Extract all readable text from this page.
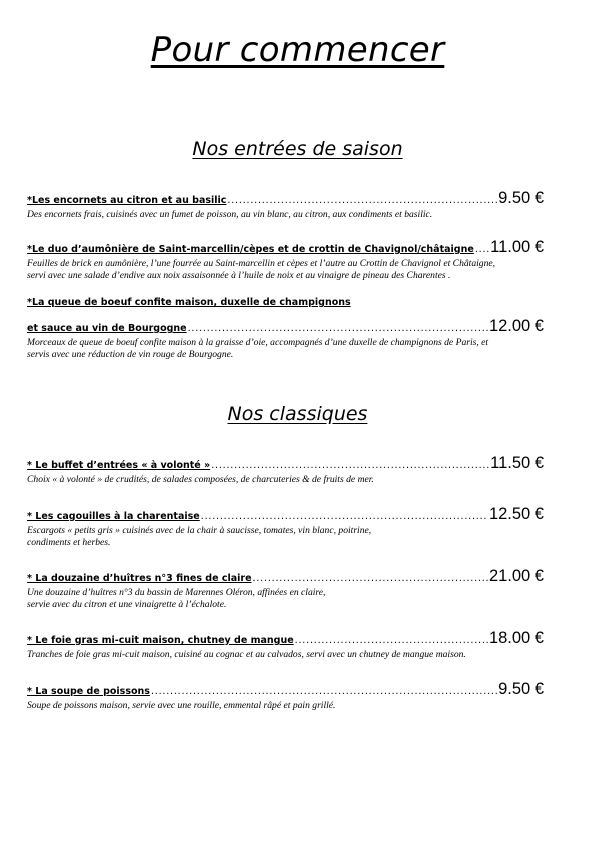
Pour commencer
Nos entrées de saison
*Les encornets au citron et au basilic .....	9.50 €
Des encornets frais, cuisinés avec un fumet de poisson, au vin blanc, au citron, aux condiments et basilic.
*Le duo d’aumônière de Saint-marcellin/cèpes et de crottin de Chavignol/châtaigne ..... 11.00 €
Feuilles de brick en aumônière, l’une fourrée au Saint-marcellin et cèpes et l’autre au Crottin de Chavignol et Châtaigne,
servi avec une salade d’endive aux noix assaisonnée à l’huile de noix et au vinaigre de pineau des Charentes .
*La queue de boeuf confite maison, duxelle de champignons
et sauce au vin de Bourgogne .....	12.00 €
Morceaux de queue de boeuf confite maison à la graisse d’oie, accompagnés d’une duxelle de champignons de Paris, et
servis avec une réduction de vin rouge de Bourgogne.
Nos classiques
* Le buffet d’entrées « à volonté » .....	11.50 €
Choix « à volonté » de crudités, de salades composées, de charcuteries & de fruits de mer.
* Les cagouilles à la charentaise .....	12.50 €
Escargots « petits gris » cuisinés avec de la chair à saucisse, tomates, vin blanc, poitrine,
condiments et herbes.
* La douzaine d’huîtres n°3 fines de claire .....	21.00 €
Une douzaine d’huîtres n°3 du bassin de Marennes Oléron, affinées en claire,
servie avec du citron et une vinaigrette à l’échalote.
* Le foie gras mi-cuit maison, chutney de mangue .....	18.00 €
Tranches de foie gras mi-cuit maison, cuisiné au cognac et au calvados, servi avec un chutney de mangue maison.
* La soupe de poissons .....	9.50 €
Soupe de poissons maison, servie avec une rouille, emmental râpé et pain grillé.
